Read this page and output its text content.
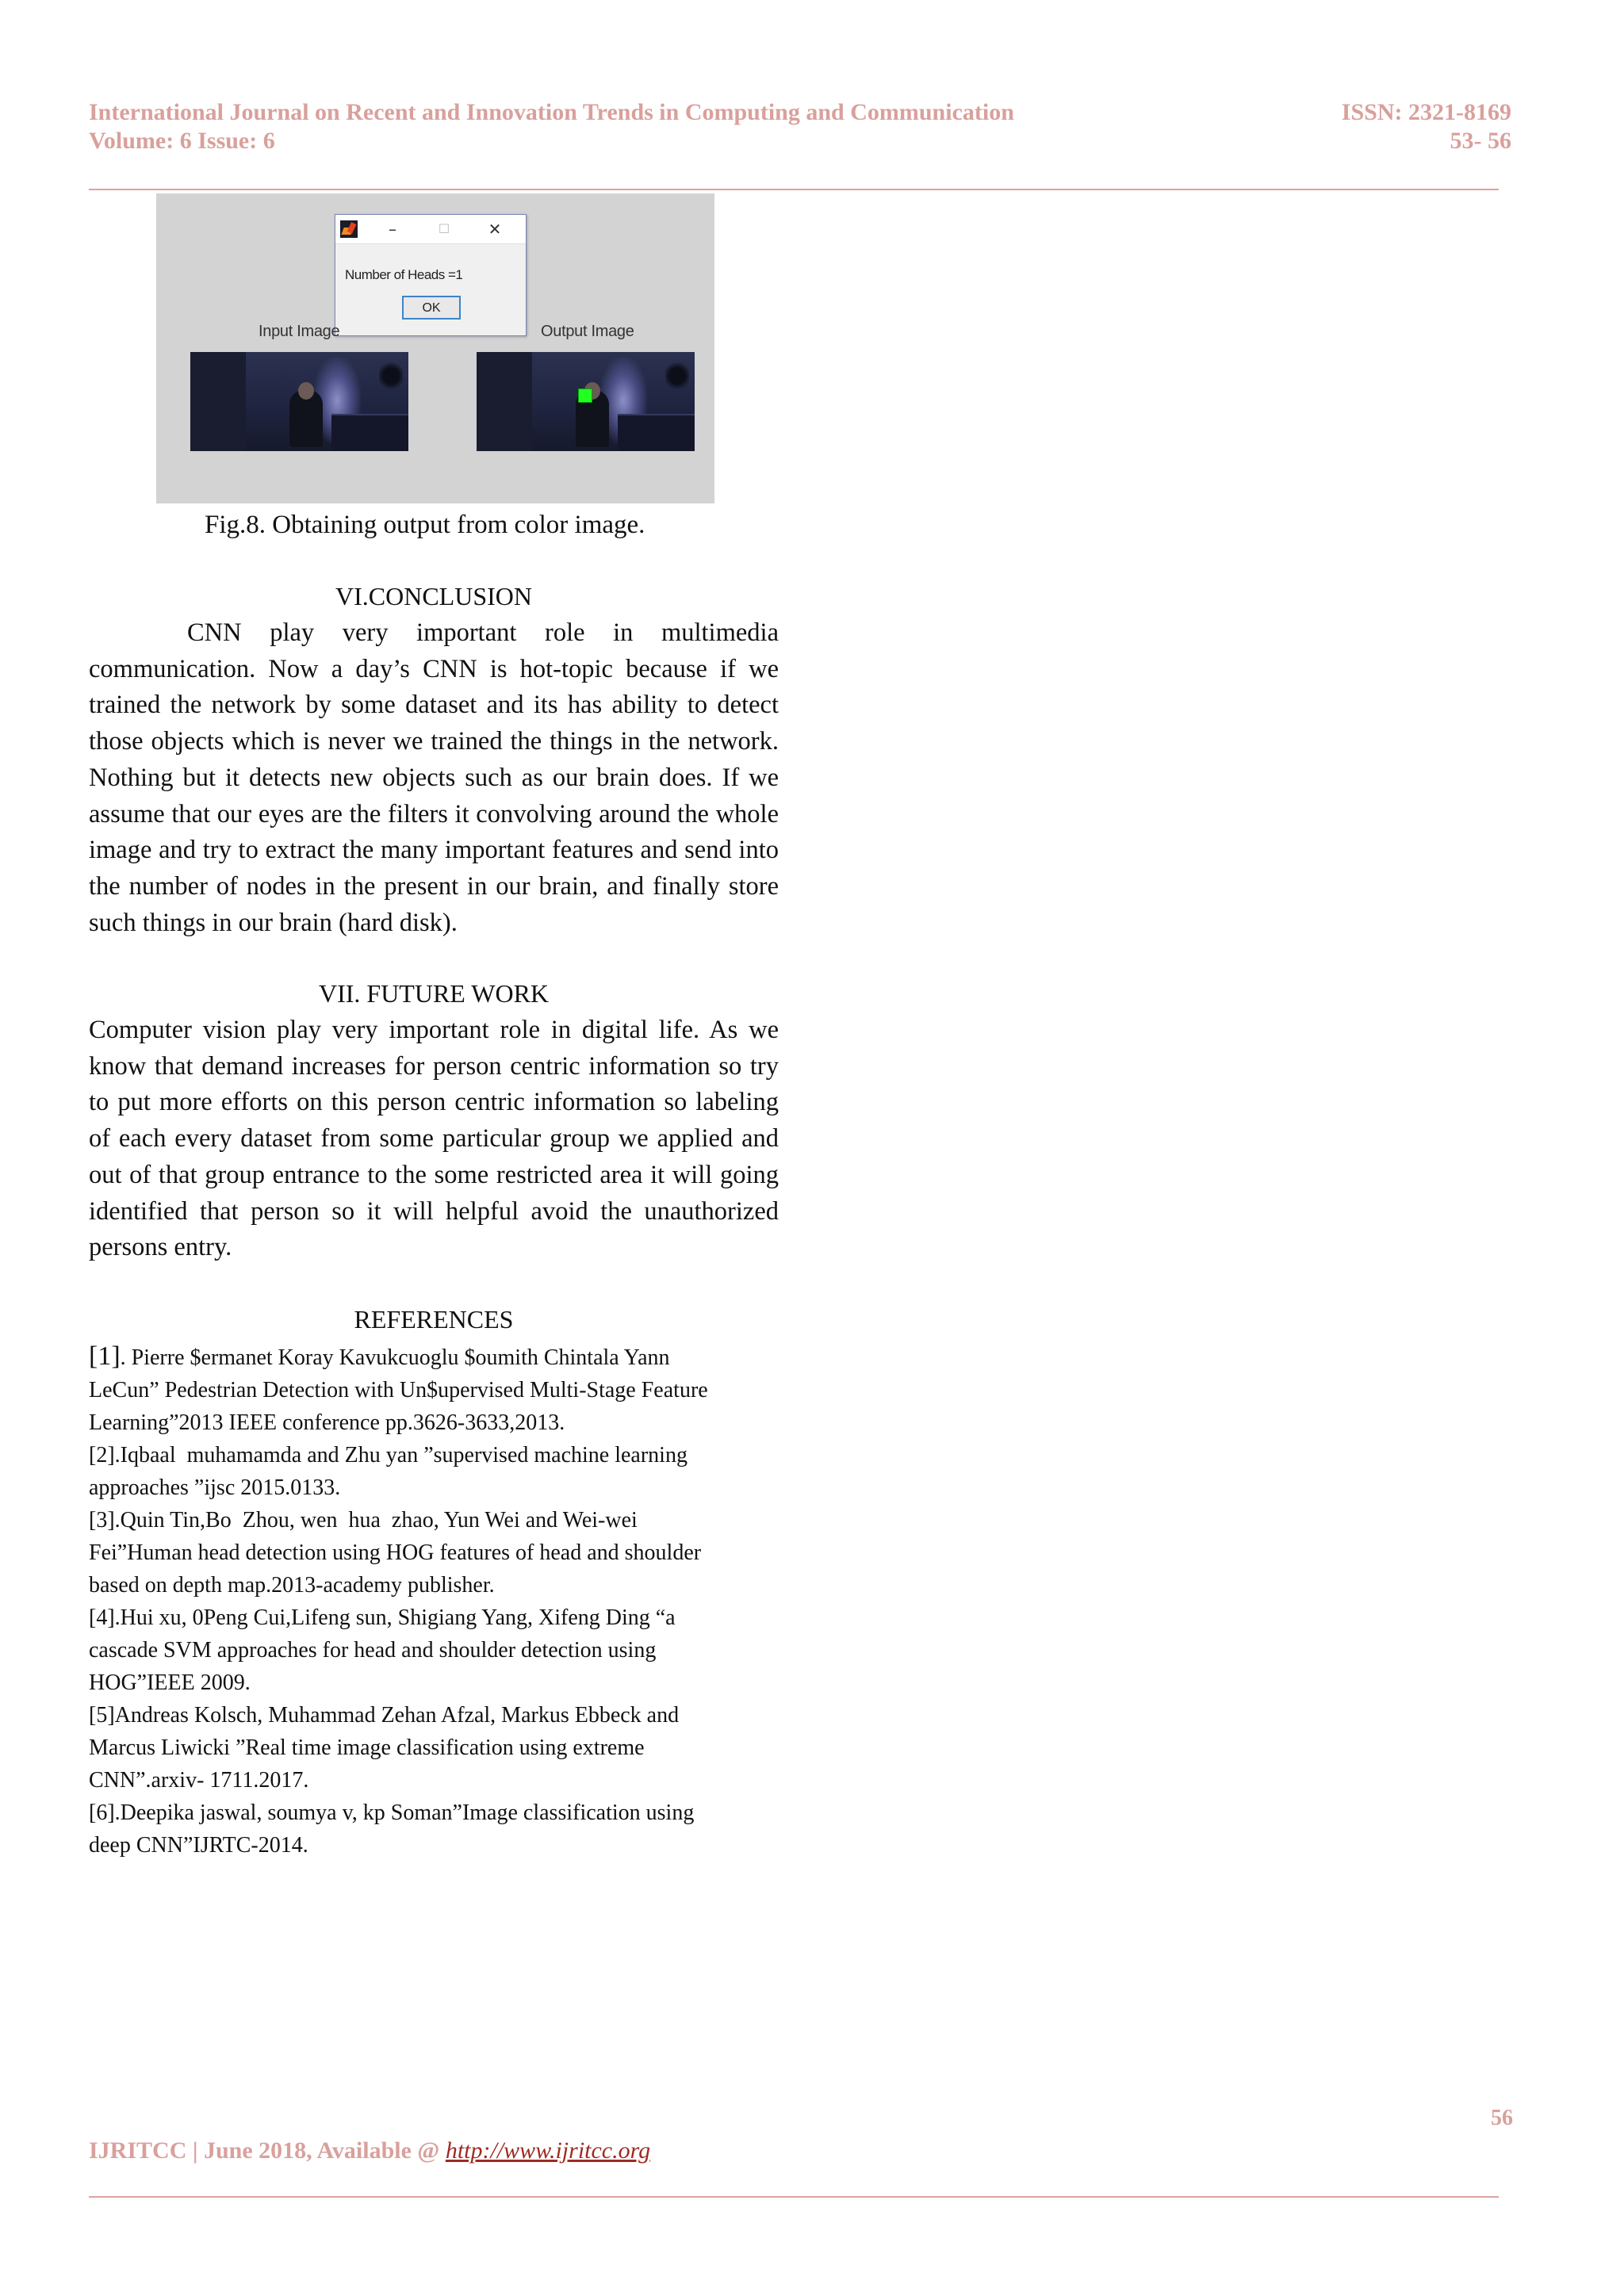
International Journal on Recent and Innovation Trends in Computing and Communication	ISSN: 2321-8169
Volume: 6 Issue: 6	53- 56
–	☐	✕
Number of Heads =1
OK
Input Image	Output Image
Fig.8. Obtaining output from color image.
VI.CONCLUSION
CNN play very important role in multimedia communication. Now a day’s CNN is hot-topic because if we trained the network by some dataset and its has ability to detect those objects which is never we trained the things in the network. Nothing but it detects new objects such as our brain does. If we assume that our eyes are the filters it convolving around the whole image and try to extract the many important features and send into the number of nodes in the present in our brain, and finally store such things in our brain (hard disk).
VII. FUTURE WORK
Computer vision play very important role in digital life. As we know that demand increases for person centric information so try to put more efforts on this person centric information so labeling of each every dataset from some particular group we applied and out of that group entrance to the some restricted area it will going identified that person so it will helpful avoid the unauthorized persons entry.
REFERENCES
[1]. Pierre $ermanet Koray Kavukcuoglu $oumith Chintala Yann
LeCun” Pedestrian Detection with Un$upervised Multi-Stage Feature
Learning”2013 IEEE conference pp.3626-3633,2013.
[2].Iqbaal  muhamamda and Zhu yan ”supervised machine learning
approaches ”ijsc 2015.0133.
[3].Quin Tin,Bo  Zhou, wen  hua  zhao, Yun Wei and Wei-wei
Fei”Human head detection using HOG features of head and shoulder
based on depth map.2013-academy publisher.
[4].Hui xu, 0Peng Cui,Lifeng sun, Shigiang Yang, Xifeng Ding “a
cascade SVM approaches for head and shoulder detection using
HOG”IEEE 2009.
[5]Andreas Kolsch, Muhammad Zehan Afzal, Markus Ebbeck and
Marcus Liwicki ”Real time image classification using extreme
CNN”.arxiv- 1711.2017.
[6].Deepika jaswal, soumya v, kp Soman”Image classification using
deep CNN”IJRTC-2014.
56
IJRITCC | June 2018, Available @ http://www.ijritcc.org
